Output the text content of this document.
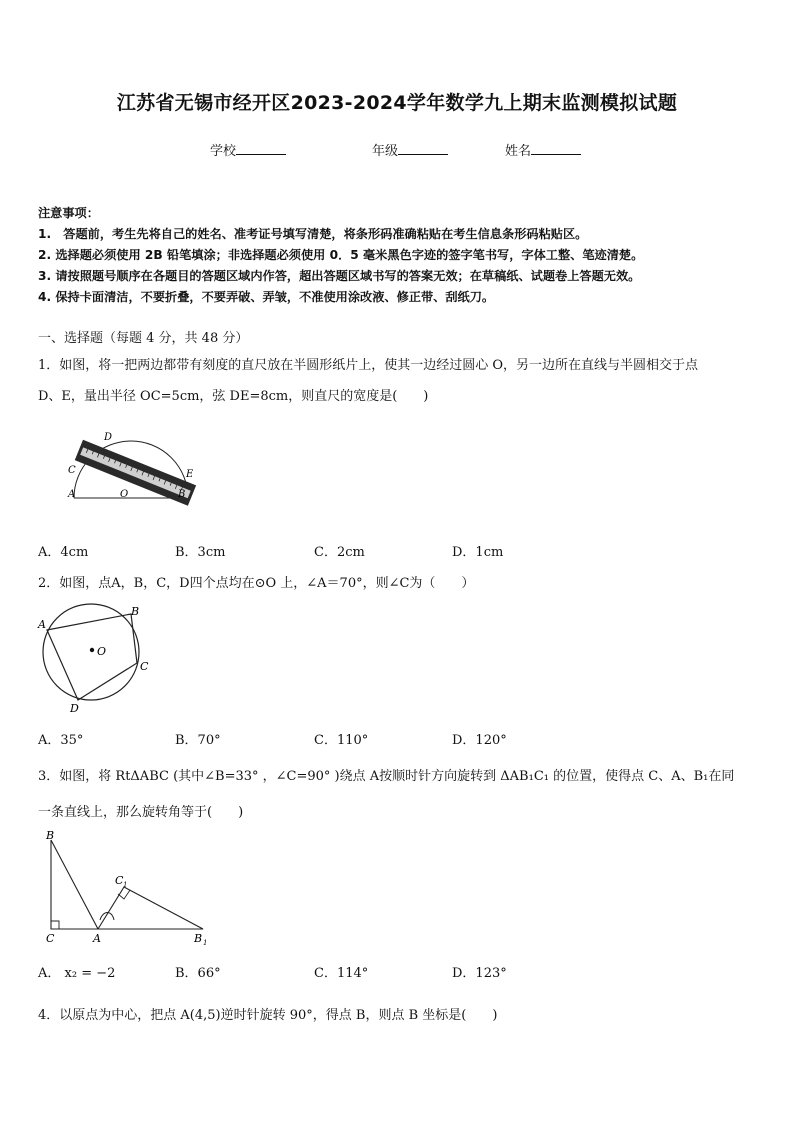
江苏省无锡市经开区2023-2024学年数学九上期末监测模拟试题
学校	年级	姓名
注意事项：
1.　答题前，考生先将自己的姓名、准考证号填写清楚，将条形码准确粘贴在考生信息条形码粘贴区。
2. 选择题必须使用 2B 铅笔填涂；非选择题必须使用 0．5 毫米黑色字迹的签字笔书写，字体工整、笔迹清楚。
3. 请按照题号顺序在各题目的答题区域内作答，超出答题区域书写的答案无效；在草稿纸、试题卷上答题无效。
4. 保持卡面清洁，不要折叠，不要弄破、弄皱，不准使用涂改液、修正带、刮纸刀。
一、选择题（每题 4 分，共 48 分）
1．如图，将一把两边都带有刻度的直尺放在半圆形纸片上，使其一边经过圆心 O，另一边所在直线与半圆相交于点
D、E，量出半径 OC=5cm，弦 DE=8cm，则直尺的宽度是(　　)
D
C	E
A	O	B
A．4cm	B．3cm	C．2cm	D．1cm
2．如图，点A，B，C，D四个点均在⊙O 上，∠A＝70°，则∠C为（　　）
A
B
C
D
O
A．35°	B．70°	C．110°	D．120°
3．如图，将 RtΔABC (其中∠B=33° ，∠C=90° )绕点 A按顺时针方向旋转到 ΔAB₁C₁ 的位置，使得点 C、A、B₁在同
一条直线上，那么旋转角等于(　　)
B
C	A	B 1
C 1
A． x₂ = −2	B．66°	C．114°	D．123°
4．以原点为中心，把点 A(4,5)逆时针旋转 90°，得点 B，则点 B 坐标是(　　)
